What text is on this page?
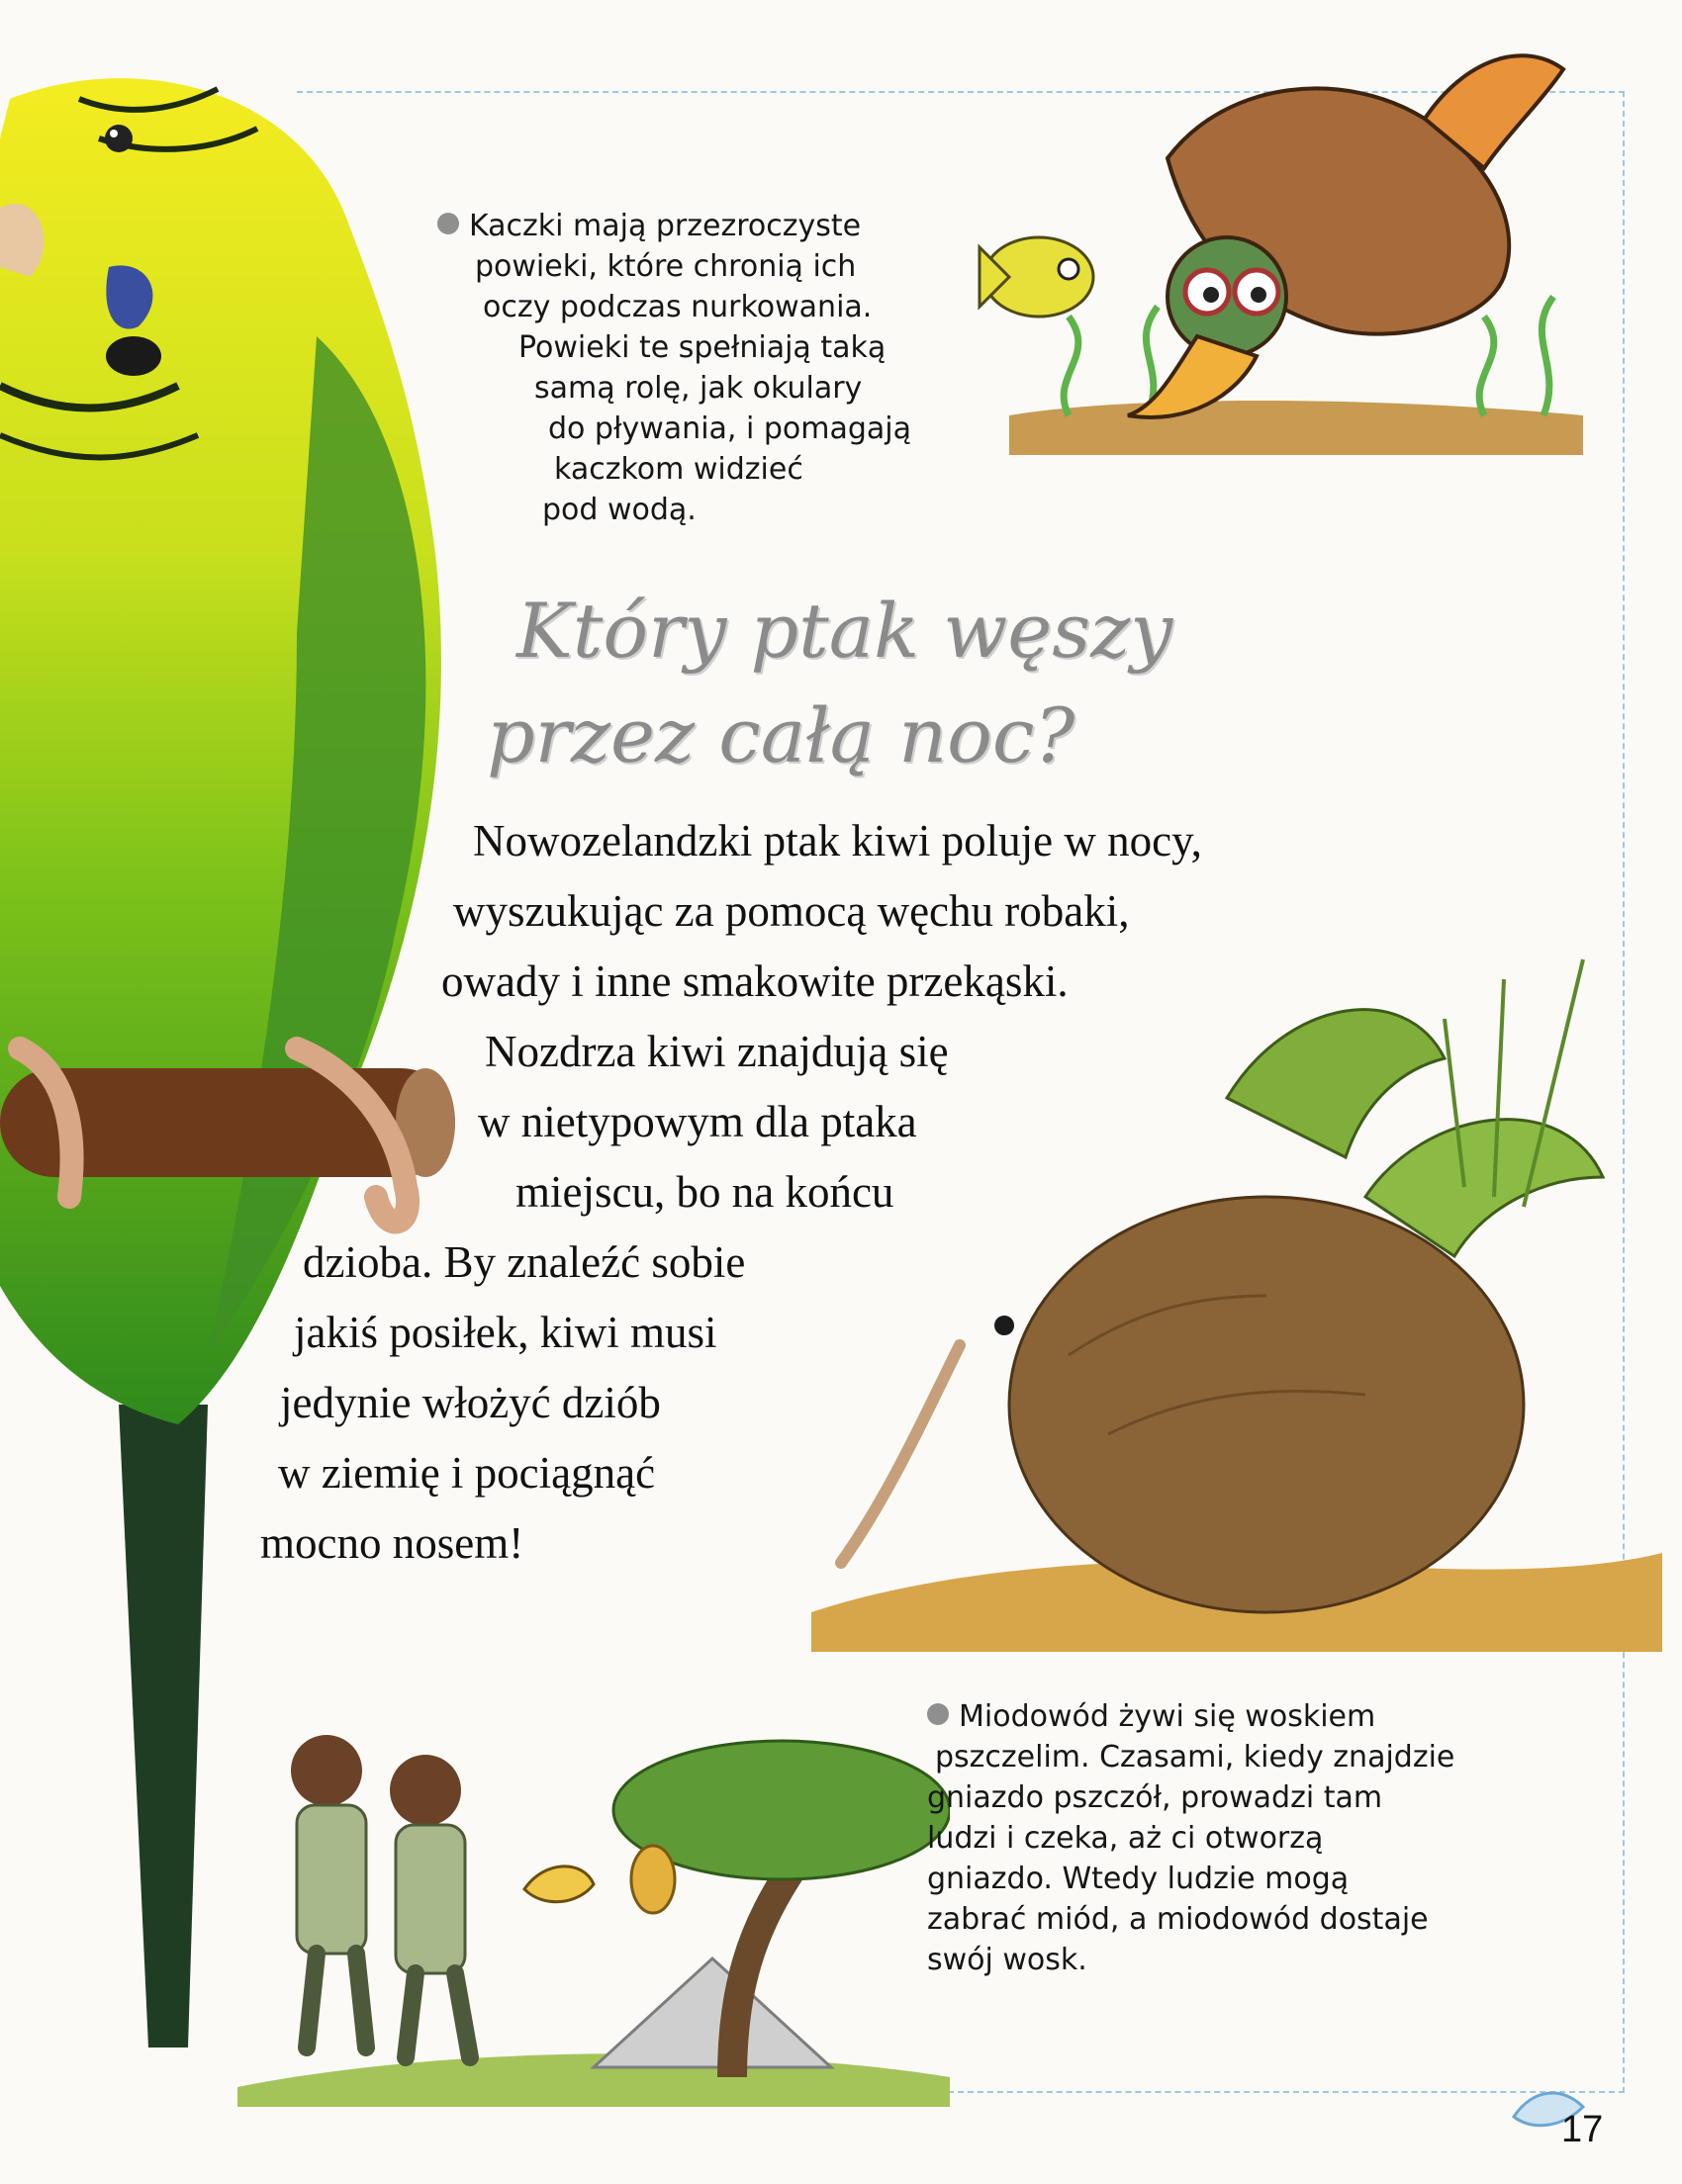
Kaczki mają przezroczyste
powieki, które chronią ich
oczy podczas nurkowania.
Powieki te spełniają taką
samą rolę, jak okulary
do pływania, i pomagają
kaczkom widzieć
pod wodą.
Który ptak węszy
przez całą noc?
Nowozelandzki ptak kiwi poluje w nocy,
wyszukując za pomocą węchu robaki,
owady i inne smakowite przekąski.
Nozdrza kiwi znajdują się
w nietypowym dla ptaka
miejscu, bo na końcu
dzioba. By znaleźć sobie
jakiś posiłek, kiwi musi
jedynie włożyć dziób
w ziemię i pociągnąć
mocno nosem!
Miodowód żywi się woskiem
pszczelim. Czasami, kiedy znajdzie
gniazdo pszczół, prowadzi tam
ludzi i czeka, aż ci otworzą
gniazdo. Wtedy ludzie mogą
zabrać miód, a miodowód dostaje
swój wosk.
17
